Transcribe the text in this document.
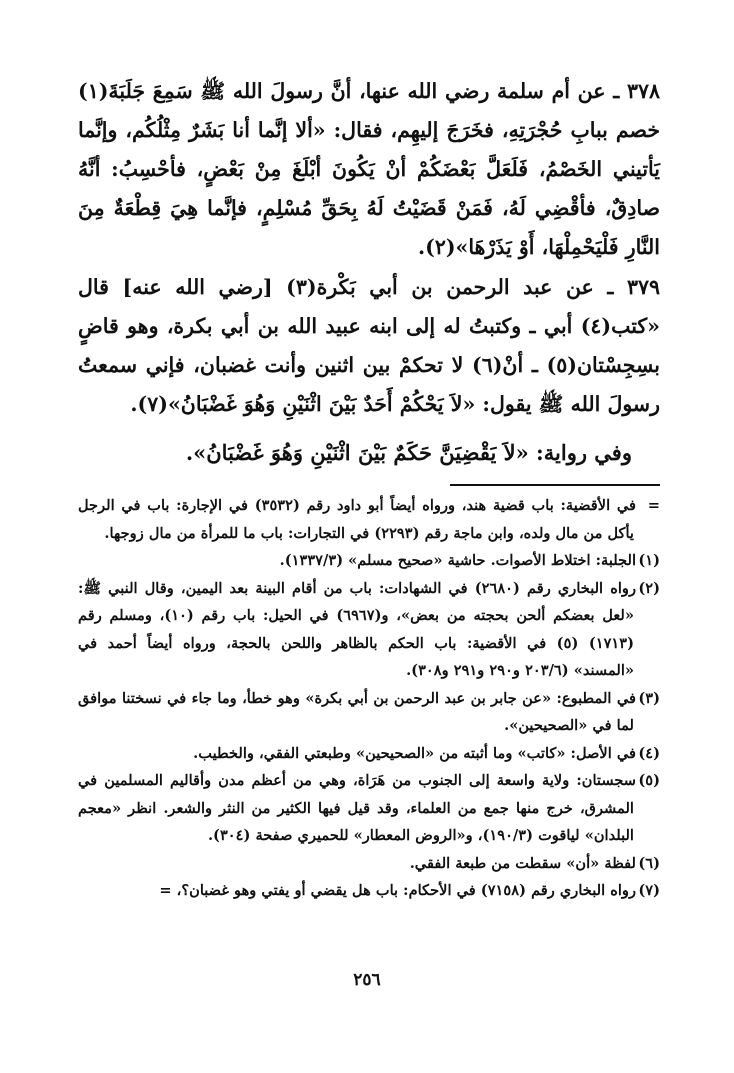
٣٧٨ ـ عن أم سلمة رضي الله عنها، أنَّ رسولَ الله ﷺ سَمِعَ جَلَبَةَ(١) خصم ببابِ حُجْرَتِهِ، فخَرَجَ إليهِم، فقال: «ألا إنَّما أنا بَشَرٌ مِثْلُكُم، وإنَّما يَأتيني الخَصْمُ، فَلَعَلَّ بَعْضَكُمْ أنْ يَكُونَ أبْلَغَ مِنْ بَعْضٍ، فأحْسِبُ: أنَّهُ صادِقٌ، فأقْضِي لَهُ، فَمَنْ قَضَيْتُ لَهُ بِحَقِّ مُسْلِمٍ، فإنَّما هِيَ قِطْعَةٌ مِنَ النَّارِ فَلْيَحْمِلْهَا، أَوْ يَذَرْهَا»(٢).

٣٧٩ ـ عن عبد الرحمن بن أبي بَكْرة(٣) [رضي الله عنه] قال «كتب(٤) أبي ـ وكتبتُ له إلى ابنه عبيد الله بن أبي بكرة، وهو قاضٍ بسِجِسْتان(٥) ـ أنْ(٦) لا تحكمْ بين اثنين وأنت غضبان، فإني سمعتُ رسولَ الله ﷺ يقول: «لاَ يَحْكُمْ أَحَدٌ بَيْنَ اثْنَيْنِ وَهُوَ غَضْبَانُ»(٧).

وفي رواية: «لاَ يَقْضِيَنَّ حَكَمٌ بَيْنَ اثْنَيْنِ وَهُوَ غَضْبَانُ».

=في الأقضية: باب قضية هند، ورواه أيضاً أبو داود رقم (٣٥٣٢) في الإجارة: باب في الرجل يأكل من مال ولده، وابن ماجة رقم (٢٢٩٣) في التجارات: باب ما للمرأة من مال زوجها.

(١)الجلبة: اختلاط الأصوات. حاشية «صحيح مسلم» (١٣٣٧/٣).

(٢)رواه البخاري رقم (٢٦٨٠) في الشهادات: باب من أقام البينة بعد اليمين، وقال النبي ﷺ: «لعل بعضكم ألحن بحجته من بعض»، و(٦٩٦٧) في الحيل: باب رقم (١٠)، ومسلم رقم (١٧١٣) (٥) في الأقضية: باب الحكم بالظاهر واللحن بالحجة، ورواه أيضاً أحمد في «المسند» (٢٠٣/٦ و٢٩٠ و٢٩١ و٣٠٨).

(٣)في المطبوع: «عن جابر بن عبد الرحمن بن أبي بكرة» وهو خطأ، وما جاء في نسختنا موافق لما في «الصحيحين».

(٤)في الأصل: «كاتب» وما أثبته من «الصحيحين» وطبعتي الفقي، والخطيب.

(٥)سجستان: ولاية واسعة إلى الجنوب من هَرَاة، وهي من أعظم مدن وأقاليم المسلمين في المشرق، خرج منها جمع من العلماء، وقد قيل فيها الكثير من النثر والشعر. انظر «معجم البلدان» لياقوت (١٩٠/٣)، و«الروض المعطار» للحميري صفحة (٣٠٤).

(٦)لفظة «أن» سقطت من طبعة الفقي.

(٧)رواه البخاري رقم (٧١٥٨) في الأحكام: باب هل يقضي أو يفتي وهو غضبان؟، =

٢٥٦
